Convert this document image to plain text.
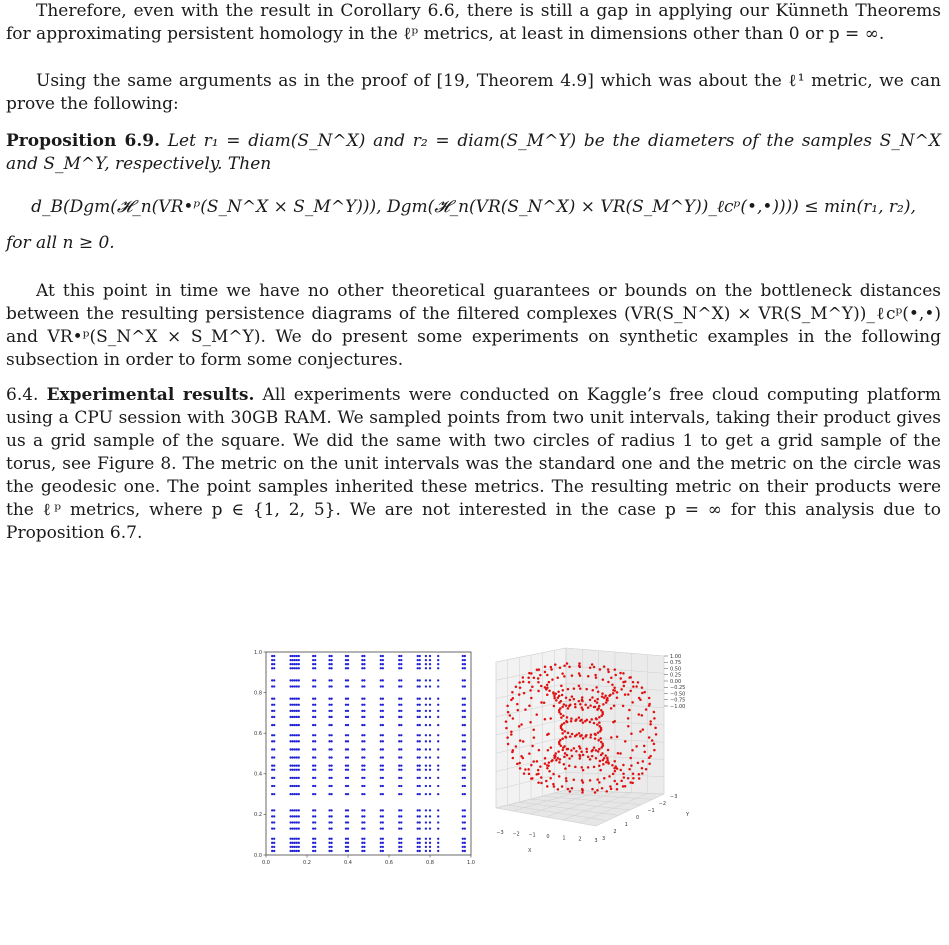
Therefore, even with the result in Corollary 6.6, there is still a gap in applying our Künneth Theorems for approximating persistent homology in the ℓᵖ metrics, at least in dimensions other than 0 or p = ∞.

Using the same arguments as in the proof of [19, Theorem 4.9] which was about the ℓ¹ metric, we can prove the following:

Proposition 6.9. Let r₁ = diam(S_N^X) and r₂ = diam(S_M^Y) be the diameters of the samples S_N^X and S_M^Y, respectively. Then

d_B(Dgm(𝓗_n(VR•ᵖ(S_N^X × S_M^Y))), Dgm(𝓗_n(VR(S_N^X) × VR(S_M^Y))_ℓcᵖ(•,•)))) ≤ min(r₁, r₂),

for all n ≥ 0.

At this point in time we have no other theoretical guarantees or bounds on the bottleneck distances between the resulting persistence diagrams of the filtered complexes (VR(S_N^X) × VR(S_M^Y))_ℓcᵖ(•,•) and VR•ᵖ(S_N^X × S_M^Y). We do present some experiments on synthetic examples in the following subsection in order to form some conjectures.

6.4. Experimental results. All experiments were conducted on Kaggle’s free cloud computing platform using a CPU session with 30GB RAM. We sampled points from two unit intervals, taking their product gives us a grid sample of the square. We did the same with two circles of radius 1 to get a grid sample of the torus, see Figure 8. The metric on the unit intervals was the standard one and the metric on the circle was the geodesic one. The point samples inherited these metrics. The resulting metric on their products were the ℓᵖ metrics, where p ∈ {1, 2, 5}. We are not interested in the case p = ∞ for this analysis due to Proposition 6.7.

0.0	0.2	0.4	0.6	0.8	1.0
0.0
0.2
0.4
0.6
0.8
1.0
1.00
0.75
0.50
0.25
0.00
−0.25
−0.50
−0.75
−1.00
−3 −2 −1 0	1	2	3 3
2
1
0
−1
−2
−3
X
Y
